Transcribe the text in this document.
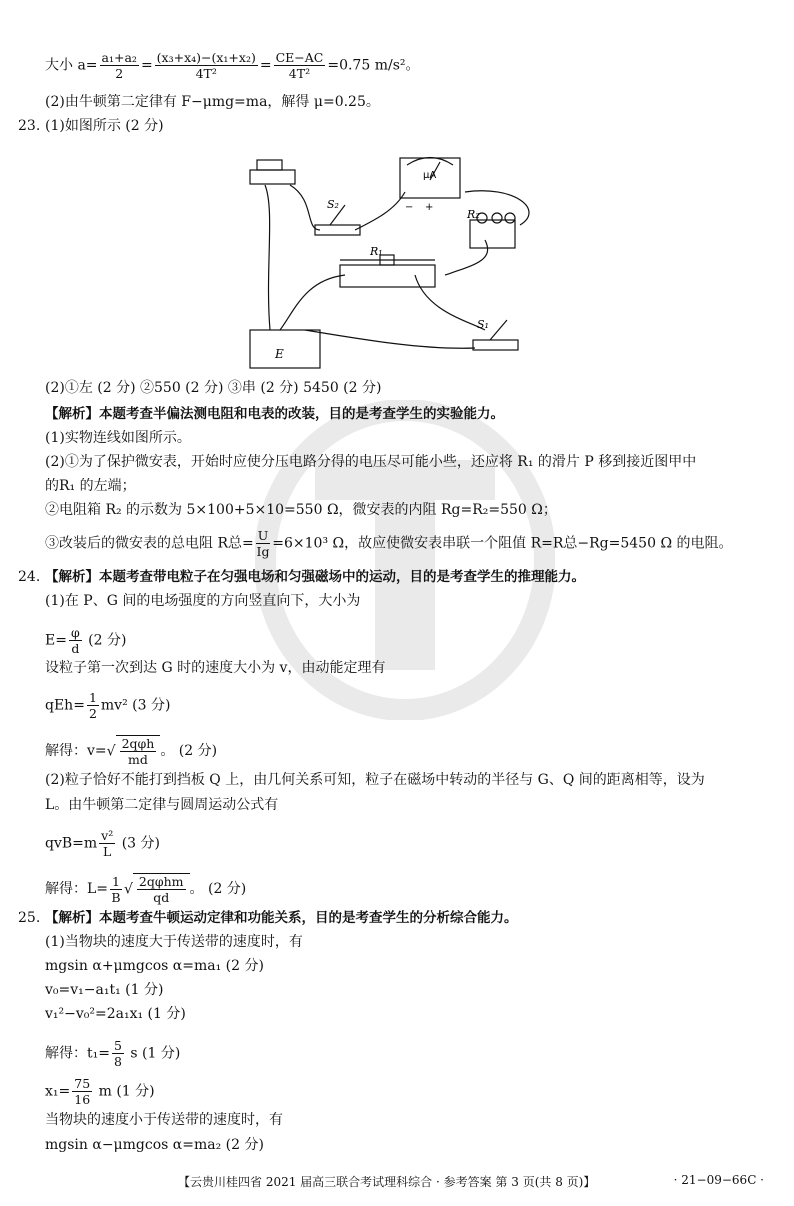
大小 $a= \frac{\text{a₁+a₂}}{2} = \frac{\text{(x₃+x₄)−(x₁+x₂)}}{\text{4T²}} = \frac{CE-AC}{\text{4T²}} =0.75$ m/s²。
(2)由牛顿第二定律有 F−μmg=ma，解得 μ=0.25。
23. (1)如图所示 (2 分)
μA
− +
S₂
R₂
R₁
S₁
E
(2)①左 (2 分) ②550 (2 分) ③串 (2 分) 5450 (2 分)
【解析】本题考查半偏法测电阻和电表的改装，目的是考查学生的实验能力。
(1)实物连线如图所示。
(2)①为了保护微安表，开始时应使分压电路分得的电压尽可能小些，还应将 R₁ 的滑片 P 移到接近图甲中
的R₁ 的左端；
②电阻箱 R₂ 的示数为 5×100+5×10=550 Ω，微安表的内阻 Rg=R₂=550 Ω；
③改装后的微安表的总电阻 R总= $\frac{U}{Ig} =6\times 10^3$ Ω，故应使微安表串联一个阻值 R=R总−Rg=5450 Ω 的电阻。
24. 【解析】本题考查带电粒子在匀强电场和匀强磁场中的运动，目的是考查学生的推理能力。
(1)在 P、G 间的电场强度的方向竖直向下，大小为
$E= \frac{\varphi}{d} (2$ 分)
设粒子第一次到达 G 时的速度大小为 v，由动能定理有
$qEh= \frac{1}{2} mv^2$ (3 分)
解得：$v=√ \frac{\text{2qφh}}{md}$ 。 (2 分)
(2)粒子恰好不能打到挡板 Q 上，由几何关系可知，粒子在磁场中转动的半径与 G、Q 间的距离相等，设为
L。由牛顿第二定律与圆周运动公式有
$qvB=m \frac{\text{v²}}{L} (3$ 分)
解得：$L= \frac{1}{B}$ √ $\frac{\text{2qφhm}}{qd}$ 。 (2 分)
25. 【解析】本题考查牛顿运动定律和功能关系，目的是考查学生的分析综合能力。
(1)当物块的速度大于传送带的速度时，有
mgsin α+μmgcos α=ma₁ (2 分)
v₀=v₁−a₁t₁ (1 分)
v₁²−v₀²=2a₁x₁ (1 分)
解得：$t_1= \frac{5}{8}$ s (1 分)
$x_1= \frac{75}{16}$ m (1 分)
当物块的速度小于传送带的速度时，有
mgsin α−μmgcos α=ma₂ (2 分)
【云贵川桂四省 2021 届高三联合考试理科综合 · 参考答案 第 3 页(共 8 页)】	· 21−09−66C ·
